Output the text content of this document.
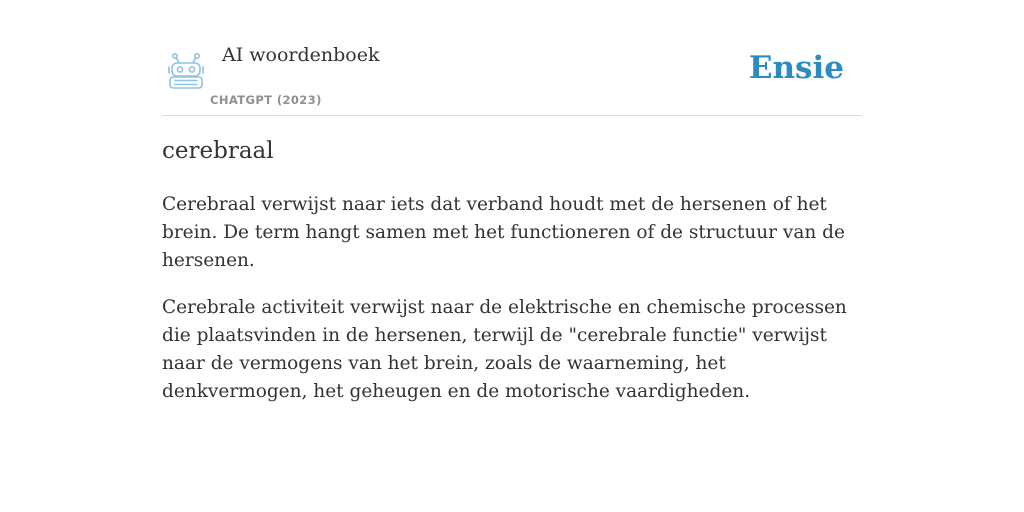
AI woordenboek
CHATGPT (2023)
Ensie
cerebraal

Cerebraal verwijst naar iets dat verband houdt met de hersenen of het brein. De term hangt samen met het functioneren of de structuur van de hersenen.

Cerebrale activiteit verwijst naar de elektrische en chemische processen die plaatsvinden in de hersenen, terwijl de "cerebrale functie" verwijst naar de vermogens van het brein, zoals de waarneming, het denkvermogen, het geheugen en de motorische vaardigheden.
